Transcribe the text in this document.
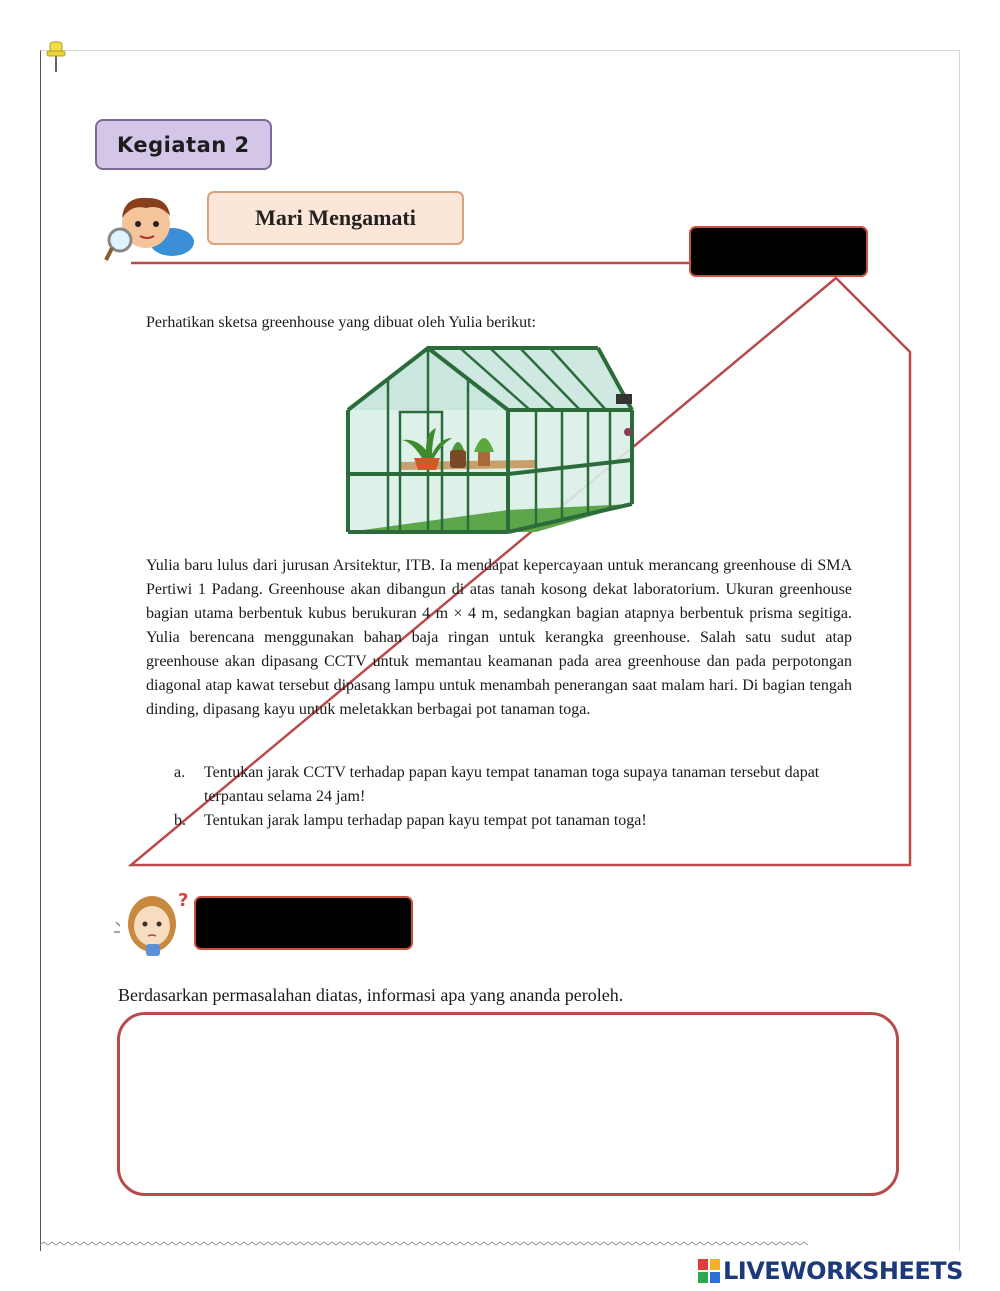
Kegiatan 2
Mari Mengamati
Perhatikan sketsa greenhouse yang dibuat oleh Yulia berikut:
Yulia baru lulus dari jurusan Arsitektur, ITB. Ia mendapat kepercayaan untuk merancang greenhouse di SMA Pertiwi 1 Padang. Greenhouse akan dibangun di atas tanah kosong dekat laboratorium. Ukuran greenhouse bagian utama berbentuk kubus berukuran 4 m × 4 m, sedangkan bagian atapnya berbentuk prisma segitiga. Yulia berencana menggunakan bahan baja ringan untuk kerangka greenhouse. Salah satu sudut atap greenhouse akan dipasang CCTV untuk memantau keamanan pada area greenhouse dan pada perpotongan diagonal atap kawat tersebut dipasang lampu untuk menambah penerangan saat malam hari. Di bagian tengah dinding, dipasang kayu untuk meletakkan berbagai pot tanaman toga.
a.	Tentukan jarak CCTV terhadap papan kayu tempat tanaman toga supaya tanaman tersebut dapat terpantau selama 24 jam!
b.	Tentukan jarak lampu terhadap papan kayu tempat pot tanaman toga!
?
Berdasarkan permasalahan diatas, informasi apa yang ananda peroleh.
LIVEWORKSHEETS
